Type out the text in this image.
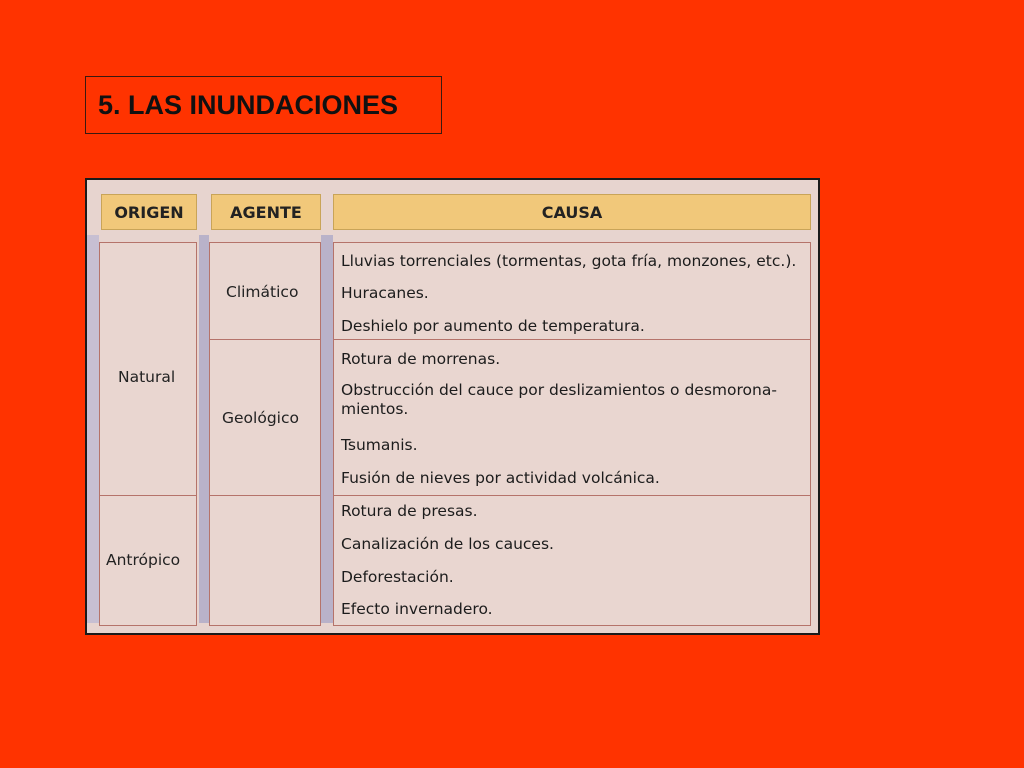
5. LAS INUNDACIONES
ORIGEN	AGENTE	CAUSA
Natural
Antrópico
Climático
Geológico
Lluvias torrenciales (tormentas, gota fría, monzones, etc.).
Huracanes.
Deshielo por aumento de temperatura.
Rotura de morrenas.
Obstrucción del cauce por deslizamientos o desmorona-
mientos.
Tsumanis.
Fusión de nieves por actividad volcánica.
Rotura de presas.
Canalización de los cauces.
Deforestación.
Efecto invernadero.
